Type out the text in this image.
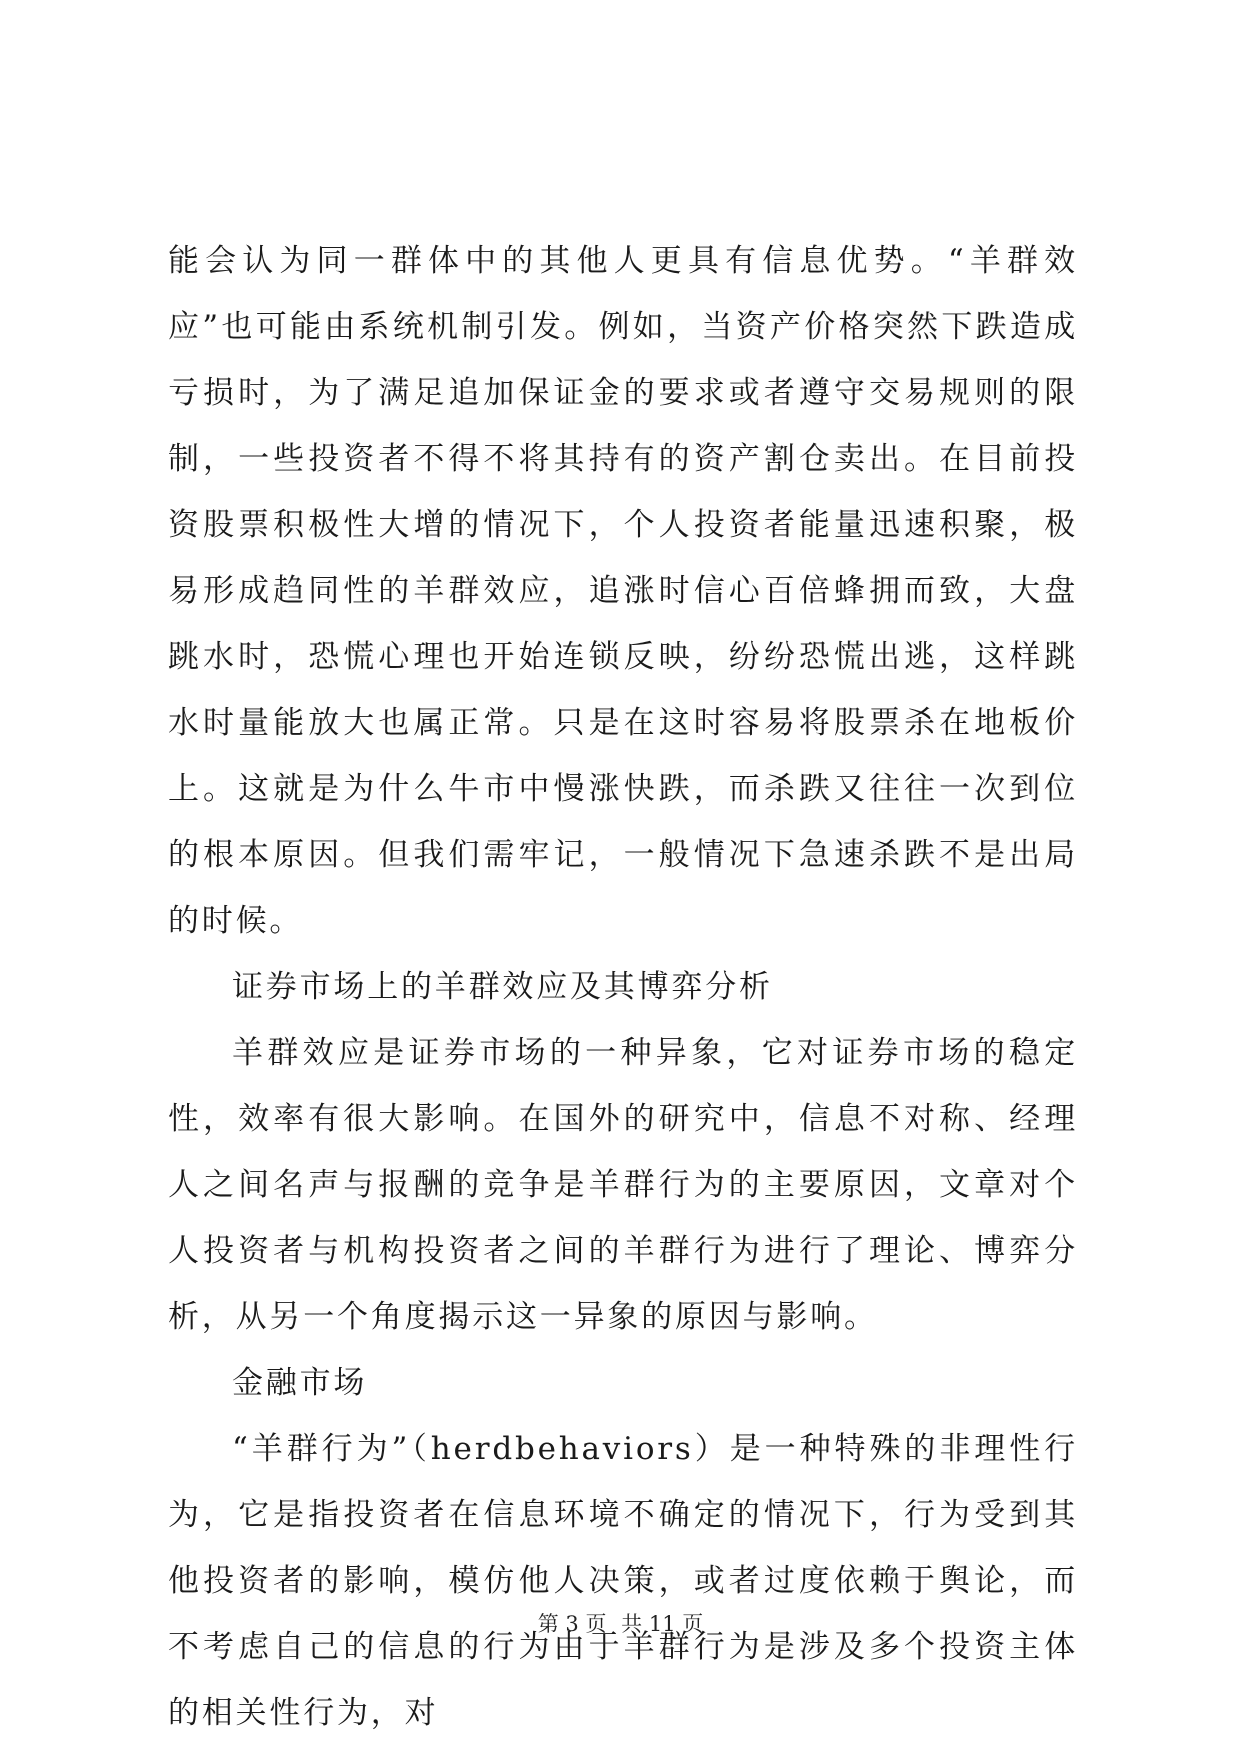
能会认为同一群体中的其他人更具有信息优势。“羊群效应”也可能由系统机制引发。例如，当资产价格突然下跌造成亏损时，为了满足追加保证金的要求或者遵守交易规则的限制，一些投资者不得不将其持有的资产割仓卖出。在目前投资股票积极性大增的情况下，个人投资者能量迅速积聚，极易形成趋同性的羊群效应，追涨时信心百倍蜂拥而致，大盘跳水时，恐慌心理也开始连锁反映，纷纷恐慌出逃，这样跳水时量能放大也属正常。只是在这时容易将股票杀在地板价上。这就是为什么牛市中慢涨快跌，而杀跌又往往一次到位的根本原因。但我们需牢记，一般情况下急速杀跌不是出局的时候。

证券市场上的羊群效应及其博弈分析

羊群效应是证券市场的一种异象，它对证券市场的稳定性，效率有很大影响。在国外的研究中，信息不对称、经理人之间名声与报酬的竞争是羊群行为的主要原因，文章对个人投资者与机构投资者之间的羊群行为进行了理论、博弈分析，从另一个角度揭示这一异象的原因与影响。

金融市场

“羊群行为”（herdbehaviors）是一种特殊的非理性行为，它是指投资者在信息环境不确定的情况下，行为受到其他投资者的影响，模仿他人决策，或者过度依赖于舆论，而不考虑自己的信息的行为由于羊群行为是涉及多个投资主体的相关性行为，对

第 3 页 共 11 页
